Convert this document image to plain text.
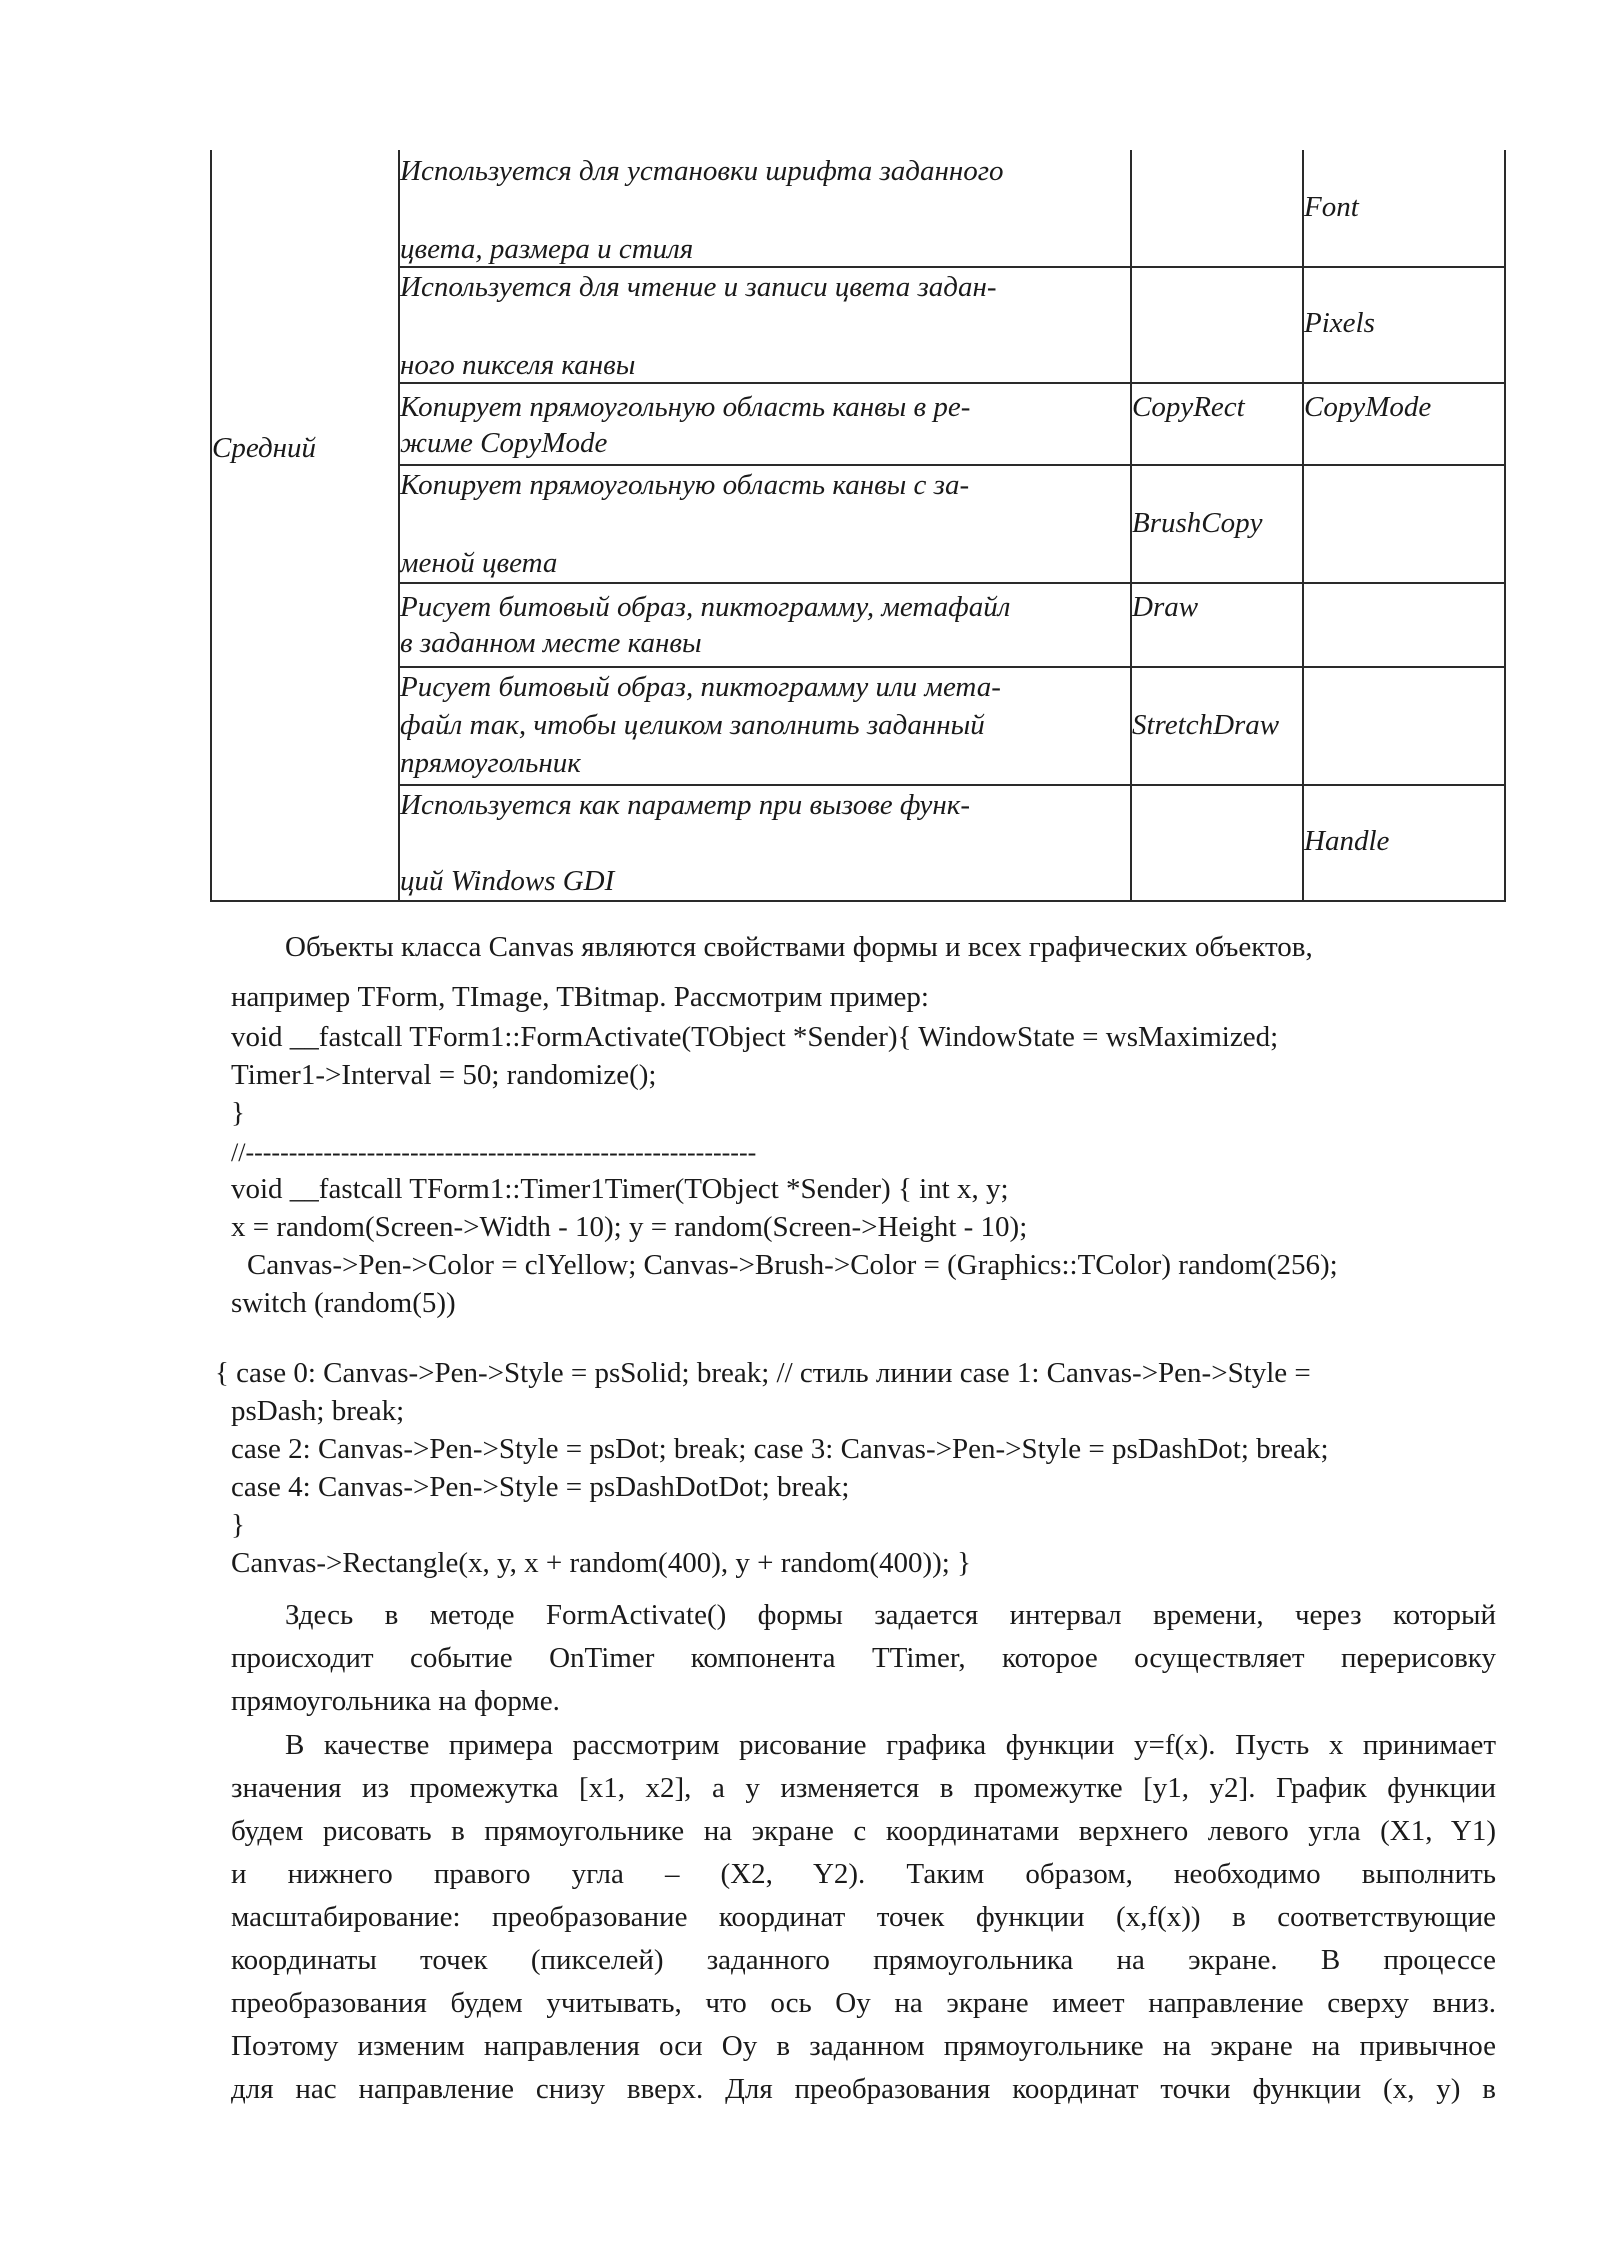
Средний
Используется для установки шрифта заданного
цвета, размера и стиля
Font
Используется для чтение и записи цвета задан-
ного пикселя канвы
Pixels
Копирует прямоугольную область канвы в ре-
жиме CopyMode
CopyRect CopyMode
Копирует прямоугольную область канвы с за-
меной цвета
BrushCopy
Рисует битовый образ, пиктограмму, метафайл
в заданном месте канвы
Draw
Рисует битовый образ, пиктограмму или мета-
файл так, чтобы целиком заполнить заданный
прямоугольник
StretchDraw
Используется как параметр при вызове функ-
ций Windows GDI
Handle
Объекты класса Canvas являются свойствами формы и всех графических объектов,
например TForm, TImage, TBitmap. Рассмотрим пример:
void __fastcall TForm1::FormActivate(TObject *Sender){ WindowState = wsMaximized;
Timer1->Interval = 50; randomize();
}
//-----------------------------------------------------------
void __fastcall TForm1::Timer1Timer(TObject *Sender) { int x, y;
x = random(Screen->Width - 10); y = random(Screen->Height - 10);
Canvas->Pen->Color = clYellow; Canvas->Brush->Color = (Graphics::TColor) random(256);
switch (random(5))
{ case 0: Canvas->Pen->Style = psSolid; break; // стиль линии case 1: Canvas->Pen->Style =
psDash; break;
case 2: Canvas->Pen->Style = psDot; break; case 3: Canvas->Pen->Style = psDashDot; break;
case 4: Canvas->Pen->Style = psDashDotDot; break;
}
Canvas->Rectangle(x, y, x + random(400), y + random(400)); }
Здесь в методе FormActivate() формы задается интервал времени, через который
происходит событие OnTimer компонента TTimer, которое осуществляет перерисовку
прямоугольника на форме.
В качестве примера рассмотрим рисование графика функции y=f(x). Пусть x принимает
значения из промежутка [x1, x2], а y изменяется в промежутке [y1, y2]. График функции
будем рисовать в прямоугольнике на экране с координатами верхнего левого угла (X1, Y1)
и нижнего правого угла – (X2, Y2). Таким образом, необходимо выполнить
масштабирование: преобразование координат точек функции (x,f(x)) в соответствующие
координаты точек (пикселей) заданного прямоугольника на экране. В процессе
преобразования будем учитывать, что ось Oy на экране имеет направление сверху вниз.
Поэтому изменим направления оси Oy в заданном прямоугольнике на экране на привычное
для нас направление снизу вверх. Для преобразования координат точки функции (x, y) в
